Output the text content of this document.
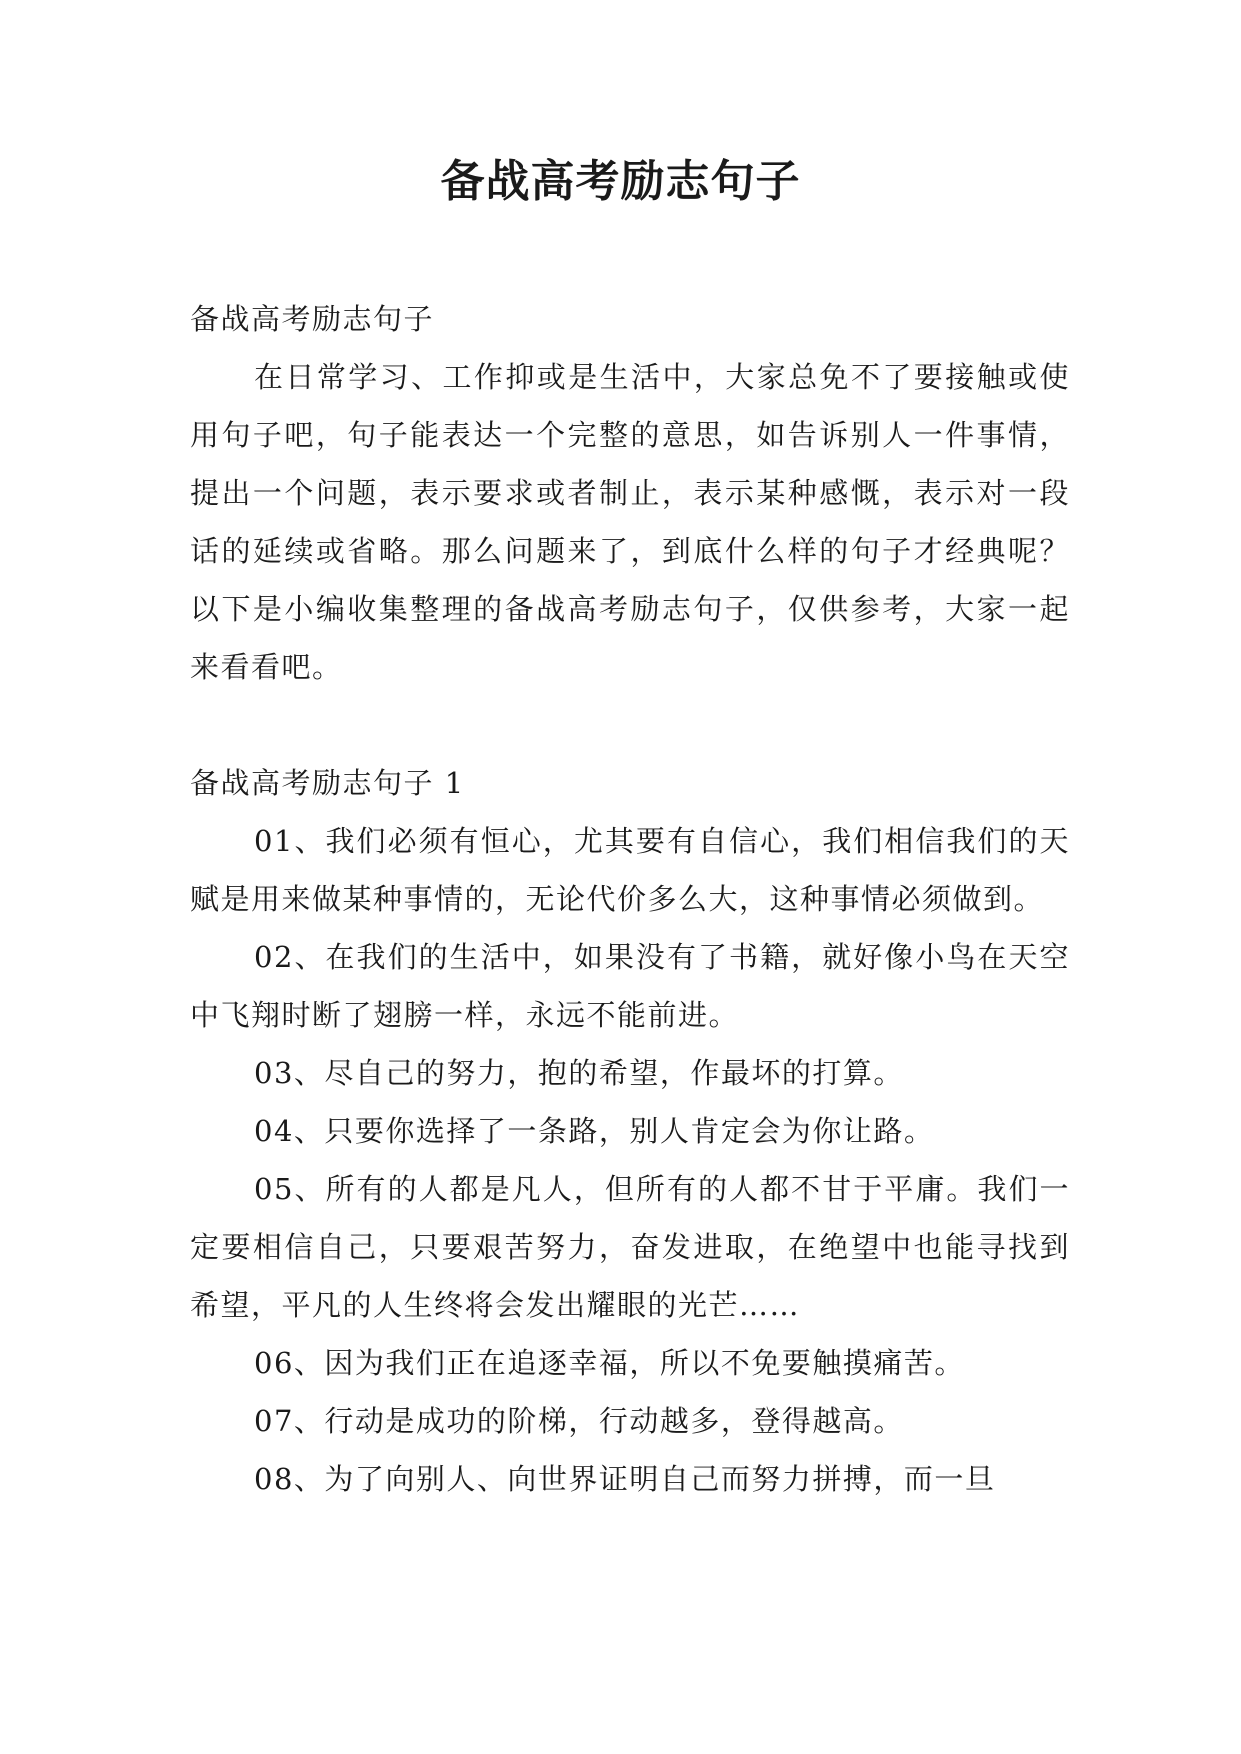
备战高考励志句子

备战高考励志句子

在日常学习、工作抑或是生活中，大家总免不了要接触或使用句子吧，句子能表达一个完整的意思，如告诉别人一件事情，提出一个问题，表示要求或者制止，表示某种感慨，表示对一段话的延续或省略。那么问题来了，到底什么样的句子才经典呢？以下是小编收集整理的备战高考励志句子，仅供参考，大家一起来看看吧。

备战高考励志句子 1

01、我们必须有恒心，尤其要有自信心，我们相信我们的天赋是用来做某种事情的，无论代价多么大，这种事情必须做到。

02、在我们的生活中，如果没有了书籍，就好像小鸟在天空中飞翔时断了翅膀一样，永远不能前进。

03、尽自己的努力，抱的希望，作最坏的打算。

04、只要你选择了一条路，别人肯定会为你让路。

05、所有的人都是凡人，但所有的人都不甘于平庸。我们一定要相信自己，只要艰苦努力，奋发进取，在绝望中也能寻找到希望，平凡的人生终将会发出耀眼的光芒……

06、因为我们正在追逐幸福，所以不免要触摸痛苦。

07、行动是成功的阶梯，行动越多，登得越高。

08、为了向别人、向世界证明自己而努力拼搏，而一旦
